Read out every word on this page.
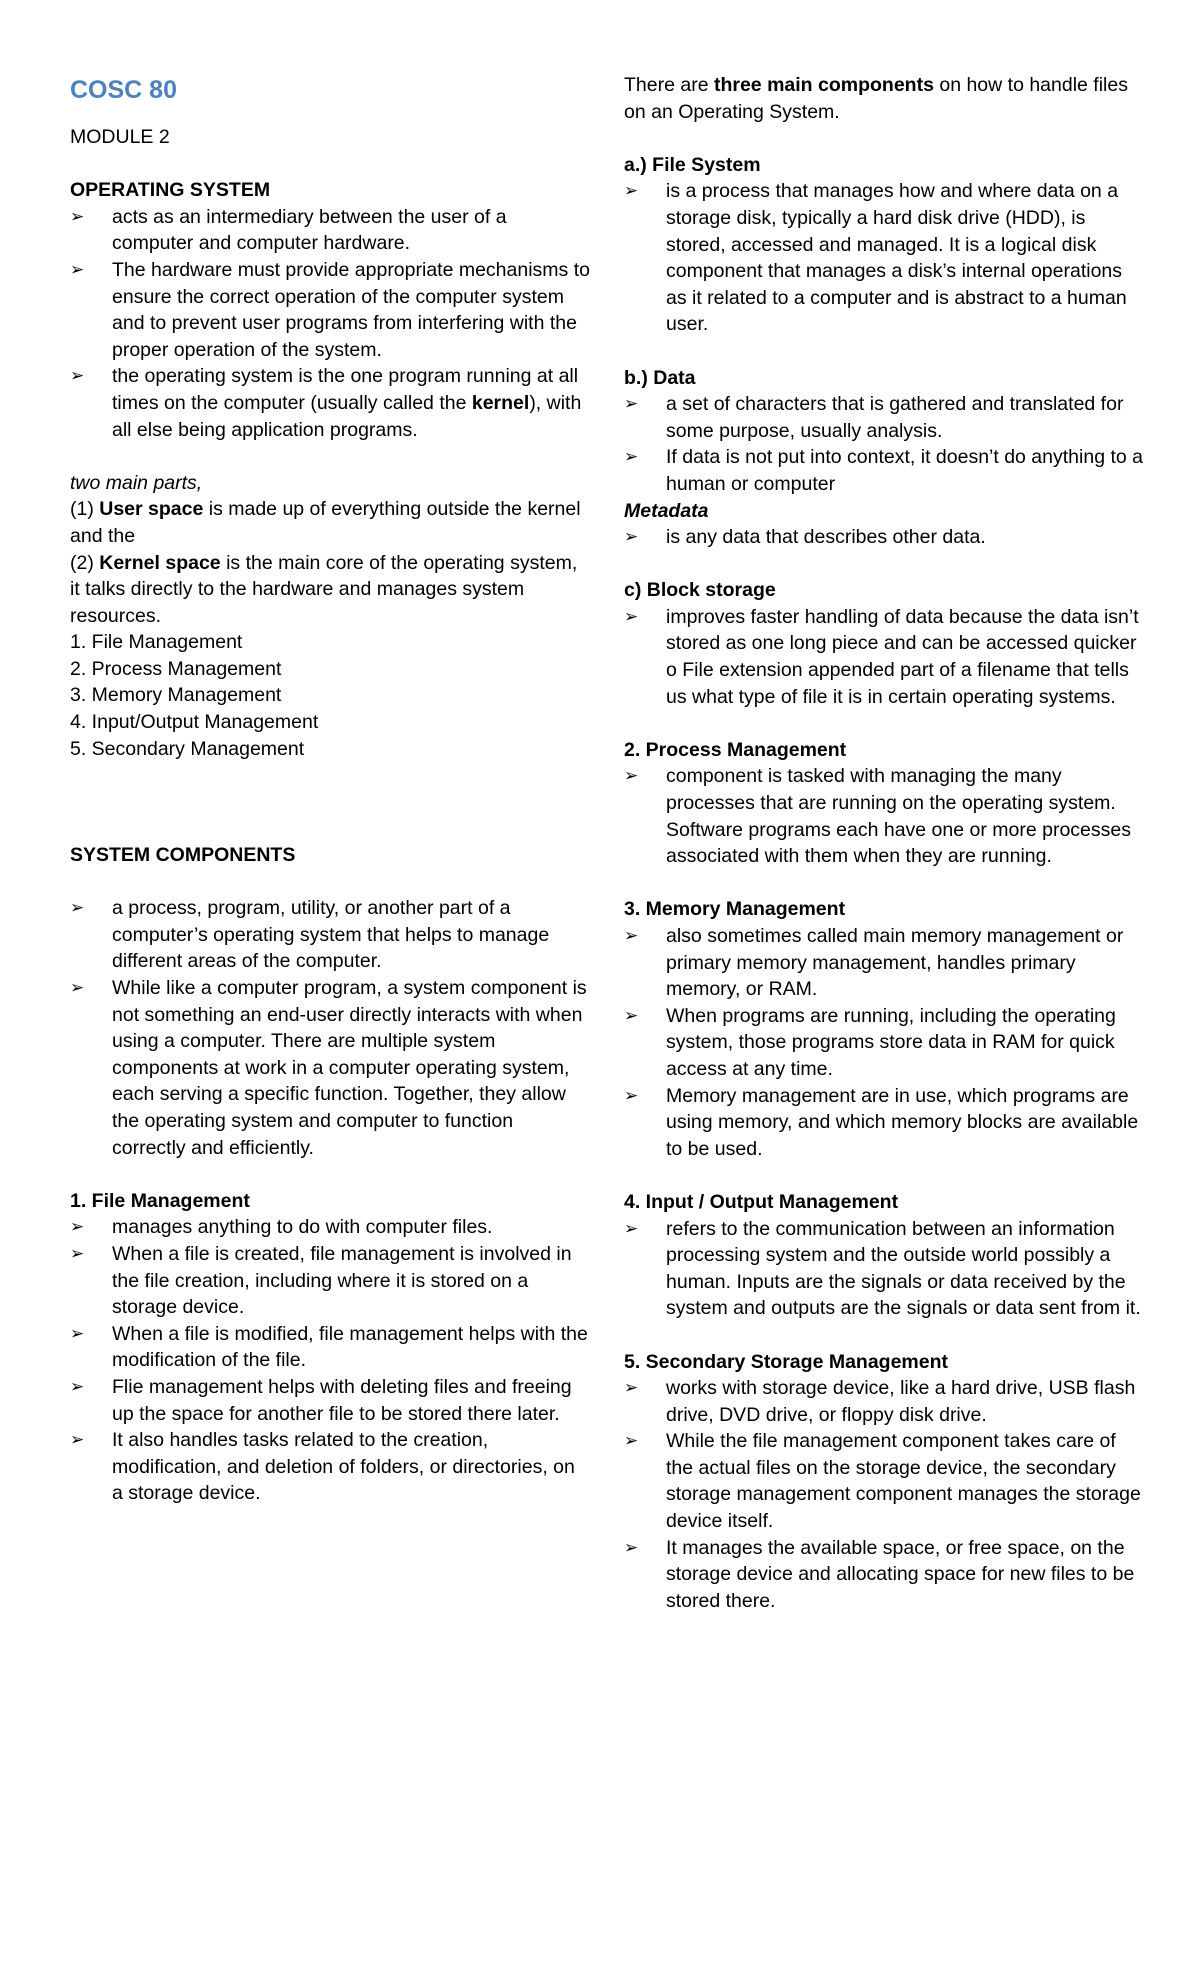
COSC 80

MODULE 2

OPERATING SYSTEM

➢	acts as an intermediary between the user of a computer and computer hardware.
➢	The hardware must provide appropriate mechanisms to ensure the correct operation of the computer system and to prevent user programs from interfering with the proper operation of the system.
➢	the operating system is the one program running at all times on the computer (usually called the kernel), with all else being application programs.

two main parts,

(1) User space is made up of everything outside the kernel and the

(2) Kernel space is the main core of the operating system, it talks directly to the hardware and manages system resources.

1. File Management

2. Process Management

3. Memory Management

4. Input/Output Management

5. Secondary Management

SYSTEM COMPONENTS

➢	a process, program, utility, or another part of a computer’s operating system that helps to manage different areas of the computer.
➢	While like a computer program, a system component is not something an end-user directly interacts with when using a computer. There are multiple system components at work in a computer operating system, each serving a specific function. Together, they allow the operating system and computer to function correctly and efficiently.

1. File Management

➢	manages anything to do with computer files.
➢	When a file is created, file management is involved in the file creation, including where it is stored on a storage device.
➢	When a file is modified, file management helps with the modification of the file.
➢	Flie management helps with deleting files and freeing up the space for another file to be stored there later.
➢	It also handles tasks related to the creation, modification, and deletion of folders, or directories, on a storage device.

There are three main components on how to handle files on an Operating System.

a.) File System

➢	is a process that manages how and where data on a storage disk, typically a hard disk drive (HDD), is stored, accessed and managed. It is a logical disk component that manages a disk’s internal operations as it related to a computer and is abstract to a human user.

b.) Data

➢	a set of characters that is gathered and translated for some purpose, usually analysis.
➢	If data is not put into context, it doesn’t do anything to a human or computer

Metadata

➢	is any data that describes other data.

c) Block storage

➢	improves faster handling of data because the data isn’t stored as one long piece and can be accessed quicker o File extension appended part of a filename that tells us what type of file it is in certain operating systems.

2. Process Management

➢	component is tasked with managing the many processes that are running on the operating system. Software programs each have one or more processes associated with them when they are running.

3. Memory Management

➢	also sometimes called main memory management or primary memory management, handles primary memory, or RAM.
➢	When programs are running, including the operating system, those programs store data in RAM for quick access at any time.
➢	Memory management are in use, which programs are using memory, and which memory blocks are available to be used.

4. Input / Output Management

➢	refers to the communication between an information processing system and the outside world possibly a human. Inputs are the signals or data received by the system and outputs are the signals or data sent from it.

5. Secondary Storage Management

➢	works with storage device, like a hard drive, USB flash drive, DVD drive, or floppy disk drive.
➢	While the file management component takes care of the actual files on the storage device, the secondary storage management component manages the storage device itself.
➢	It manages the available space, or free space, on the storage device and allocating space for new files to be stored there.
